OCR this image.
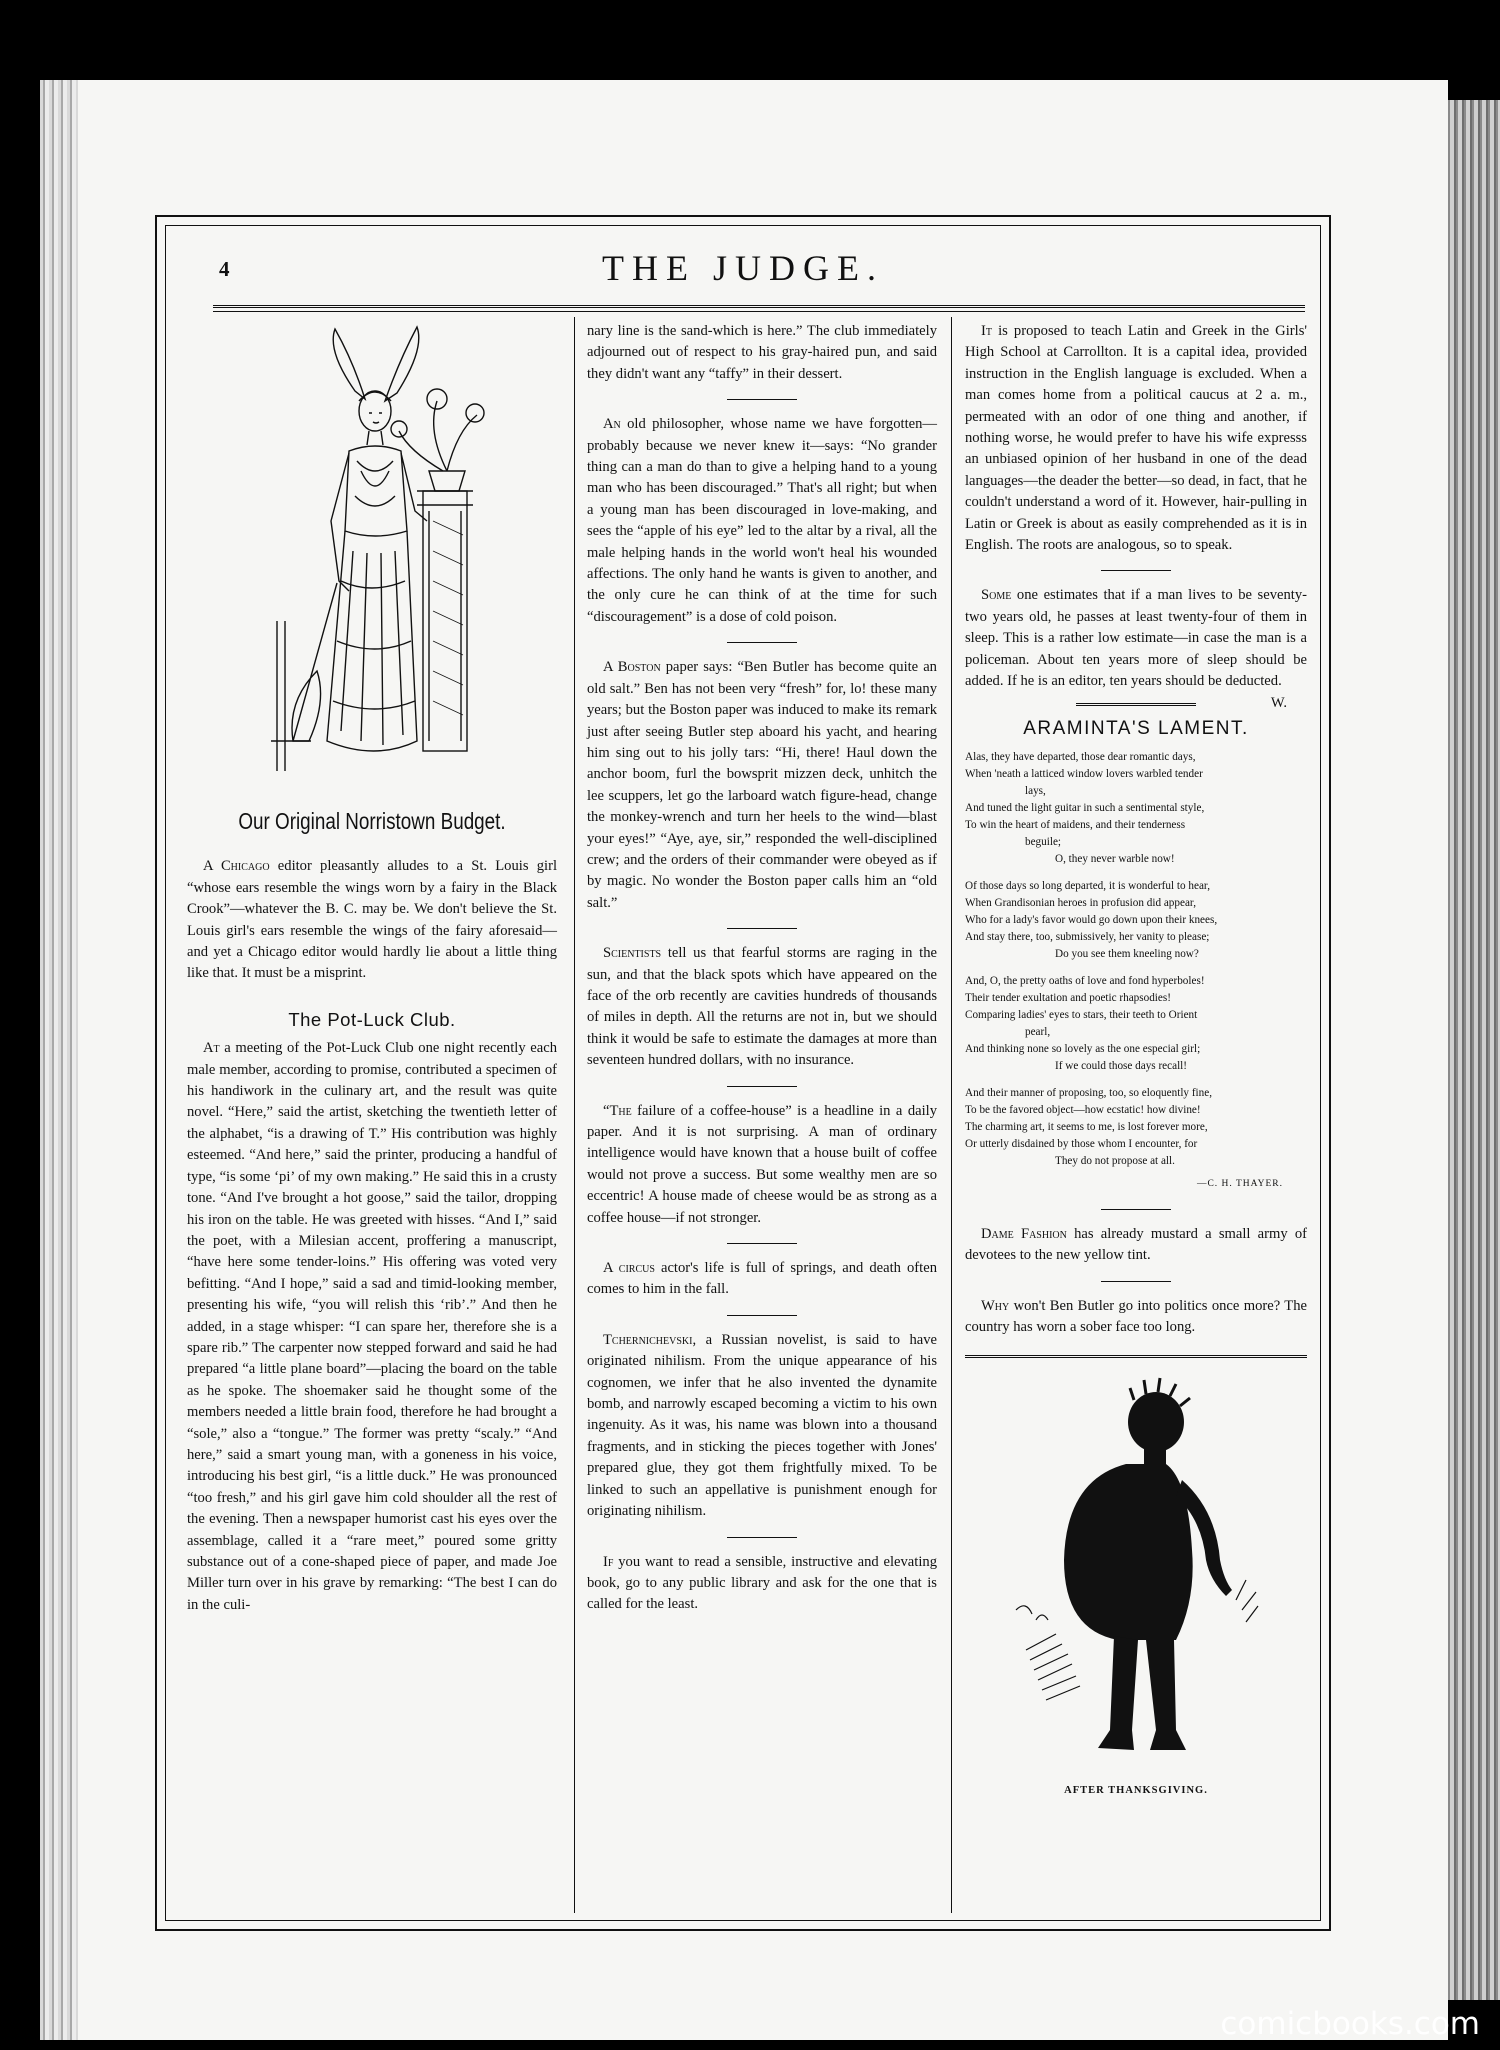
4	THE JUDGE.
Our Original Norristown Budget.

A Chicago editor pleasantly alludes to a St. Louis girl “whose ears resemble the wings worn by a fairy in the Black Crook”—whatever the B. C. may be. We don't believe the St. Louis girl's ears resemble the wings of the fairy aforesaid—and yet a Chicago editor would hardly lie about a little thing like that. It must be a misprint.

The Pot-Luck Club.

At a meeting of the Pot-Luck Club one night recently each male member, according to promise, contributed a specimen of his handiwork in the culinary art, and the result was quite novel. “Here,” said the artist, sketching the twentieth letter of the alphabet, “is a drawing of T.” His contribution was highly esteemed. “And here,” said the printer, producing a handful of type, “is some ‘pi’ of my own making.” He said this in a crusty tone. “And I've brought a hot goose,” said the tailor, dropping his iron on the table. He was greeted with hisses. “And I,” said the poet, with a Milesian accent, proffering a manuscript, “have here some tender-loins.” His offering was voted very befitting. “And I hope,” said a sad and timid-looking member, presenting his wife, “you will relish this ‘rib’.” And then he added, in a stage whisper: “I can spare her, therefore she is a spare rib.” The carpenter now stepped forward and said he had prepared “a little plane board”—placing the board on the table as he spoke. The shoemaker said he thought some of the members needed a little brain food, therefore he had brought a “sole,” also a “tongue.” The former was pretty “scaly.” “And here,” said a smart young man, with a goneness in his voice, introducing his best girl, “is a little duck.” He was pronounced “too fresh,” and his girl gave him cold shoulder all the rest of the evening. Then a newspaper humorist cast his eyes over the assemblage, called it a “rare meet,” poured some gritty substance out of a cone-shaped piece of paper, and made Joe Miller turn over in his grave by remarking: “The best I can do in the culi-

nary line is the sand-which is here.” The club immediately adjourned out of respect to his gray-haired pun, and said they didn't want any “taffy” in their dessert.

An old philosopher, whose name we have forgotten—probably because we never knew it—says: “No grander thing can a man do than to give a helping hand to a young man who has been discouraged.” That's all right; but when a young man has been discouraged in love-making, and sees the “apple of his eye” led to the altar by a rival, all the male helping hands in the world won't heal his wounded affections. The only hand he wants is given to another, and the only cure he can think of at the time for such “discouragement” is a dose of cold poison.

A Boston paper says: “Ben Butler has become quite an old salt.” Ben has not been very “fresh” for, lo! these many years; but the Boston paper was induced to make its remark just after seeing Butler step aboard his yacht, and hearing him sing out to his jolly tars: “Hi, there! Haul down the anchor boom, furl the bowsprit mizzen deck, unhitch the lee scuppers, let go the larboard watch figure-head, change the monkey-wrench and turn her heels to the wind—blast your eyes!” “Aye, aye, sir,” responded the well-disciplined crew; and the orders of their commander were obeyed as if by magic. No wonder the Boston paper calls him an “old salt.”

Scientists tell us that fearful storms are raging in the sun, and that the black spots which have appeared on the face of the orb recently are cavities hundreds of thousands of miles in depth. All the returns are not in, but we should think it would be safe to estimate the damages at more than seventeen hundred dollars, with no insurance.

“The failure of a coffee-house” is a headline in a daily paper. And it is not surprising. A man of ordinary intelligence would have known that a house built of coffee would not prove a success. But some wealthy men are so eccentric! A house made of cheese would be as strong as a coffee house—if not stronger.

A circus actor's life is full of springs, and death often comes to him in the fall.

Tchernichevski, a Russian novelist, is said to have originated nihilism. From the unique appearance of his cognomen, we infer that he also invented the dynamite bomb, and narrowly escaped becoming a victim to his own ingenuity. As it was, his name was blown into a thousand fragments, and in sticking the pieces together with Jones' prepared glue, they got them frightfully mixed. To be linked to such an appellative is punishment enough for originating nihilism.

If you want to read a sensible, instructive and elevating book, go to any public library and ask for the one that is called for the least.

It is proposed to teach Latin and Greek in the Girls' High School at Carrollton. It is a capital idea, provided instruction in the English language is excluded. When a man comes home from a political caucus at 2 a. m., permeated with an odor of one thing and another, if nothing worse, he would prefer to have his wife expresss an unbiased opinion of her husband in one of the dead languages—the deader the better—so dead, in fact, that he couldn't understand a word of it. However, hair-pulling in Latin or Greek is about as easily comprehended as it is in English. The roots are analogous, so to speak.

Some one estimates that if a man lives to be seventy-two years old, he passes at least twenty-four of them in sleep. This is a rather low estimate—in case the man is a policeman. About ten years more of sleep should be added. If he is an editor, ten years should be deducted.
W.

ARAMINTA'S LAMENT.
Alas, they have departed, those dear romantic days,
When 'neath a latticed window lovers warbled tender
lays,
And tuned the light guitar in such a sentimental style,
To win the heart of maidens, and their tenderness
beguile;
O, they never warble now!
Of those days so long departed, it is wonderful to hear,
When Grandisonian heroes in profusion did appear,
Who for a lady's favor would go down upon their knees,
And stay there, too, submissively, her vanity to please;
Do you see them kneeling now?
And, O, the pretty oaths of love and fond hyperboles!
Their tender exultation and poetic rhapsodies!
Comparing ladies' eyes to stars, their teeth to Orient
pearl,
And thinking none so lovely as the one especial girl;
If we could those days recall!
And their manner of proposing, too, so eloquently fine,
To be the favored object—how ecstatic! how divine!
The charming art, it seems to me, is lost forever more,
Or utterly disdained by those whom I encounter, for
They do not propose at all.
—C. H. THAYER.

Dame Fashion has already mustard a small army of devotees to the new yellow tint.

Why won't Ben Butler go into politics once more? The country has worn a sober face too long.

AFTER THANKSGIVING.
comicbooks.com
